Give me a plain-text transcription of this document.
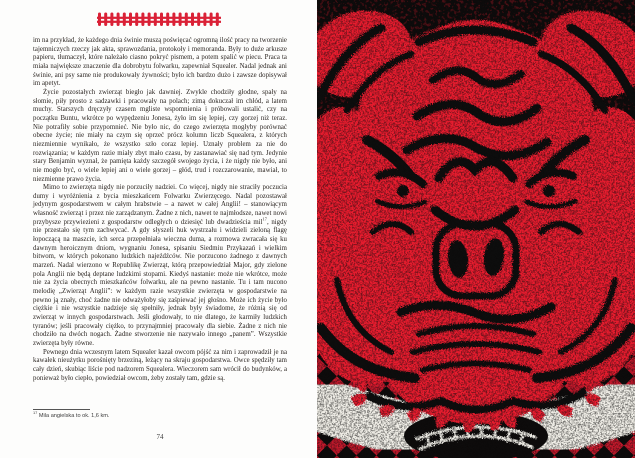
im na przykład, że każdego dnia świnie muszą poświęcać ogromną ilość pracy na tworzenie tajemniczych rzeczy jak akta, sprawozdania, protokoły i memoranda. Były to duże arkusze papieru, tłumaczył, które należało ciasno pokryć pismem, a potem spalić w piecu. Praca ta miała największe znaczenie dla dobrobytu folwarku, zapewniał Squealer. Nadal jednak ani świnie, ani psy same nie produkowały żywności; było ich bardzo dużo i zawsze dopisywał im apetyt.

Życie pozostałych zwierząt biegło jak dawniej. Zwykle chodziły głodne, spały na słomie, piły prosto z sadzawki i pracowały na polach; zimą dokuczał im chłód, a latem muchy. Starszych dręczyły czasem mgliste wspomnienia i próbowali ustalić, czy na początku Buntu, wkrótce po wypędzeniu Jonesa, żyło im się lepiej, czy gorzej niż teraz. Nie potrafiły sobie przypomnieć. Nie było nic, do czego zwierzęta mogłyby porównać obecne życie; nie miały na czym się oprzeć prócz kolumn liczb Squealera, z których niezmiennie wynikało, że wszystko szło coraz lepiej. Uznały problem za nie do rozwiązania; w każdym razie miały zbyt mało czasu, by zastanawiać się nad tym. Jedynie stary Benjamin wyznał, że pamięta każdy szczegół swojego życia, i że nigdy nie było, ani nie mogło być, o wiele lepiej ani o wiele gorzej – głód, trud i rozczarowanie, mawiał, to niezmienne prawo życia.

Mimo to zwierzęta nigdy nie porzuciły nadziei. Co więcej, nigdy nie straciły poczucia dumy i wyróżnienia z bycia mieszkańcem Folwarku Zwierzęcego. Nadal pozostawał jedynym gospodarstwem w całym hrabstwie – a nawet w całej Anglii! – stanowiącym własność zwierząt i przez nie zarządzanym. Żadne z nich, nawet te najmłodsze, nawet nowi przybysze przywiezieni z gospodarstw odległych o dziesięć lub dwadzieścia mil$^{17}$, nigdy nie przestało się tym zachwycać. A gdy słyszeli huk wystrzału i widzieli zieloną flagę łopoczącą na maszcie, ich serca przepełniała wieczna duma, a rozmowa zwracała się ku dawnym heroicznym dniom, wygnaniu Jonesa, spisaniu Siedmiu Przykazań i wielkim bitwom, w których pokonano ludzkich najeźdźców. Nie porzucono żadnego z dawnych marzeń. Nadal wierzono w Republikę Zwierząt, którą przepowiedział Major, gdy zielone pola Anglii nie będą deptane ludzkimi stopami. Kiedyś nastanie: może nie wkrótce, może nie za życia obecnych mieszkańców folwarku, ale na pewno nastanie. Tu i tam nucono melodię „Zwierząt Anglii”: w każdym razie wszystkie zwierzęta w gospodarstwie na pewno ją znały, choć żadne nie odważyłoby się zaśpiewać jej głośno. Może ich życie było ciężkie i nie wszystkie nadzieje się spełniły, jednak były świadome, że różnią się od zwierząt w innych gospodarstwach. Jeśli głodowały, to nie dlatego, że karmiły ludzkich tyranów; jeśli pracowały ciężko, to przynajmniej pracowały dla siebie. Żadne z nich nie chodziło na dwóch nogach. Żadne stworzenie nie nazywało innego „panem”. Wszystkie zwierzęta były równe.

Pewnego dnia wczesnym latem Squealer kazał owcom pójść za nim i zaprowadził je na kawałek nieużytku porośnięty brzeziną, leżący na skraju gospodarstwa. Owce spędziły tam cały dzień, skubiąc liście pod nadzorem Squealera. Wieczorem sam wrócił do budynków, a ponieważ było ciepło, powiedział owcom, żeby zostały tam, gdzie są.

$^{17}$ Mila angielska to ok. 1,6 km.
74
